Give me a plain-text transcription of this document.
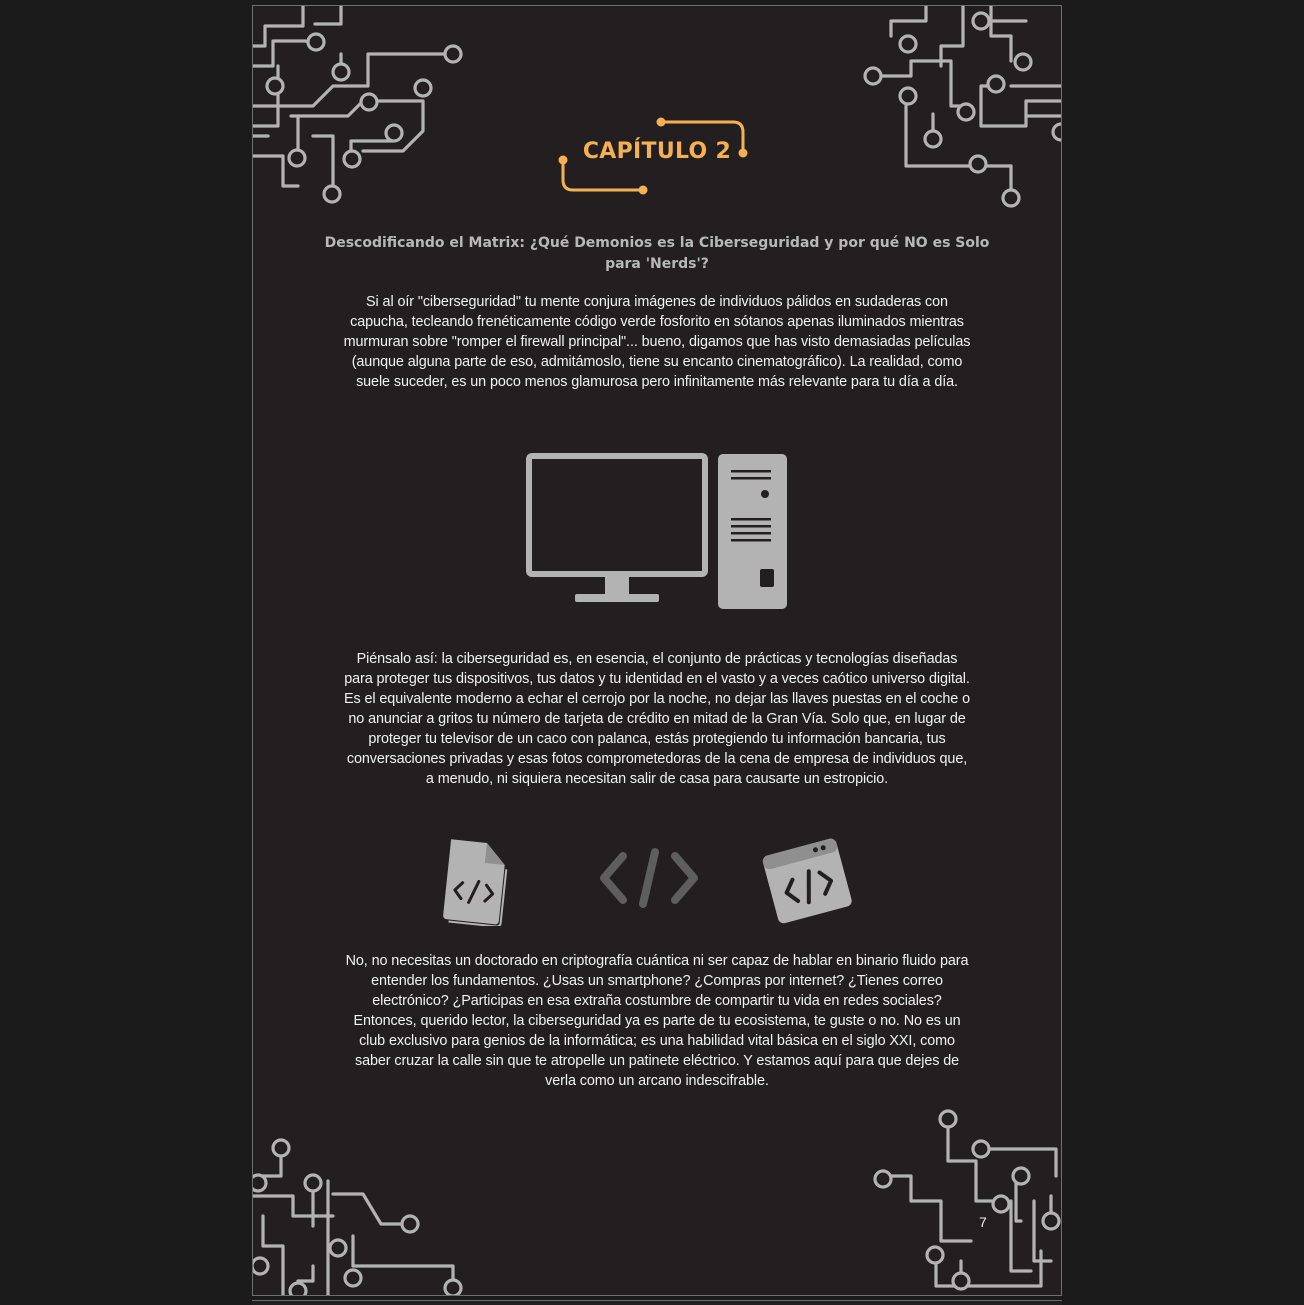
CAPÍTULO 2
Descodificando el Matrix: ¿Qué Demonios es la Ciberseguridad y por qué NO es Solo para 'Nerds'?

Si al oír "ciberseguridad" tu mente conjura imágenes de individuos pálidos en sudaderas con capucha, tecleando frenéticamente código verde fosforito en sótanos apenas iluminados mientras murmuran sobre "romper el firewall principal"... bueno, digamos que has visto demasiadas películas (aunque alguna parte de eso, admitámoslo, tiene su encanto cinematográfico). La realidad, como suele suceder, es un poco menos glamurosa pero infinitamente más relevante para tu día a día.

Piénsalo así: la ciberseguridad es, en esencia, el conjunto de prácticas y tecnologías diseñadas para proteger tus dispositivos, tus datos y tu identidad en el vasto y a veces caótico universo digital. Es el equivalente moderno a echar el cerrojo por la noche, no dejar las llaves puestas en el coche o no anunciar a gritos tu número de tarjeta de crédito en mitad de la Gran Vía. Solo que, en lugar de proteger tu televisor de un caco con palanca, estás protegiendo tu información bancaria, tus conversaciones privadas y esas fotos comprometedoras de la cena de empresa de individuos que, a menudo, ni siquiera necesitan salir de casa para causarte un estropicio.

No, no necesitas un doctorado en criptografía cuántica ni ser capaz de hablar en binario fluido para entender los fundamentos. ¿Usas un smartphone? ¿Compras por internet? ¿Tienes correo electrónico? ¿Participas en esa extraña costumbre de compartir tu vida en redes sociales? Entonces, querido lector, la ciberseguridad ya es parte de tu ecosistema, te guste o no. No es un club exclusivo para genios de la informática; es una habilidad vital básica en el siglo XXI, como saber cruzar la calle sin que te atropelle un patinete eléctrico. Y estamos aquí para que dejes de verla como un arcano indescifrable.

7
